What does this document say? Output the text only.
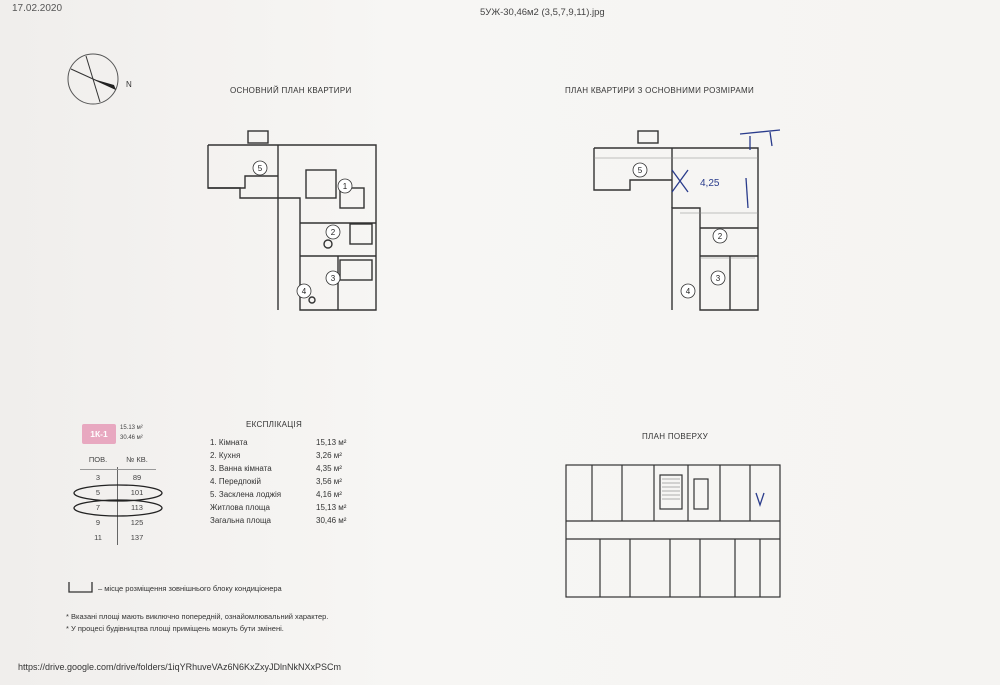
17.02.2020	5УЖ-30,46м2 (3,5,7,9,11).jpg
N
ОСНОВНИЙ ПЛАН КВАРТИРИ	ПЛАН КВАРТИРИ З ОСНОВНИМИ РОЗМІРАМИ
5
1
2
3
4
5
2
3
4
4,25
1К-1
15.13 м²
30.46 м²
ПОВ.	№ КВ.
3	89
5	101
7	113
9	125
11	137
ЕКСПЛІКАЦІЯ
1. Кімната	15,13 м²
2. Кухня	3,26 м²
3. Ванна кімната	4,35 м²
4. Передпокій	3,56 м²
5. Засклена лоджія	4,16 м²
Житлова площа	15,13 м²
Загальна площа	30,46 м²
ПЛАН ПОВЕРХУ
– місце розміщення зовнішнього блоку кондиціонера
* Вказані площі мають виключно попередній, ознайомлювальний характер.
* У процесі будівництва площі приміщень можуть бути змінені.
https://drive.google.com/drive/folders/1iqYRhuveVAz6N6KxZxyJDlnNkNXxPSCm
